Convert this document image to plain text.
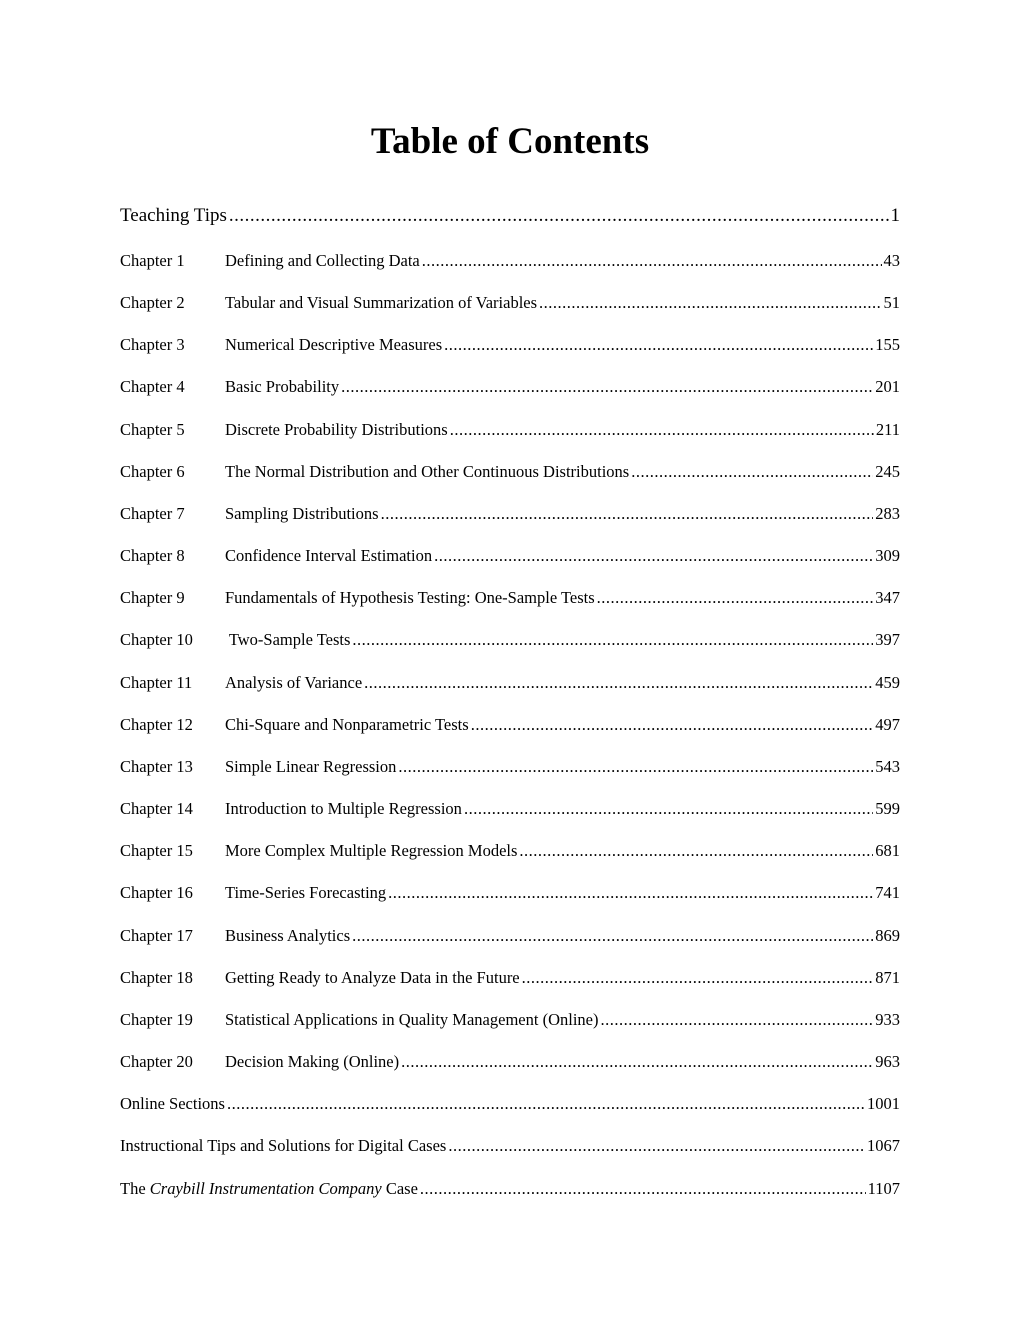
Table of Contents
Teaching Tips .....	1
Chapter 1	Defining and Collecting Data .....	43
Chapter 2	Tabular and Visual Summarization of Variables .....	51
Chapter 3	Numerical Descriptive Measures .....	155
Chapter 4	Basic Probability .....	201
Chapter 5	Discrete Probability Distributions .....	211
Chapter 6	The Normal Distribution and Other Continuous Distributions .....	245
Chapter 7	Sampling Distributions .....	283
Chapter 8	Confidence Interval Estimation .....	309
Chapter 9	Fundamentals of Hypothesis Testing: One-Sample Tests .....	347
Chapter 10	Two-Sample Tests .....	397
Chapter 11	Analysis of Variance .....	459
Chapter 12	Chi-Square and Nonparametric Tests .....	497
Chapter 13	Simple Linear Regression .....	543
Chapter 14	Introduction to Multiple Regression .....	599
Chapter 15	More Complex Multiple Regression Models .....	681
Chapter 16	Time-Series Forecasting .....	741
Chapter 17	Business Analytics .....	869
Chapter 18	Getting Ready to Analyze Data in the Future .....	871
Chapter 19	Statistical Applications in Quality Management (Online) .....	933
Chapter 20	Decision Making (Online) .....	963
Online Sections .....	1001
Instructional Tips and Solutions for Digital Cases .....	1067
The Craybill Instrumentation Company Case .....	1107
